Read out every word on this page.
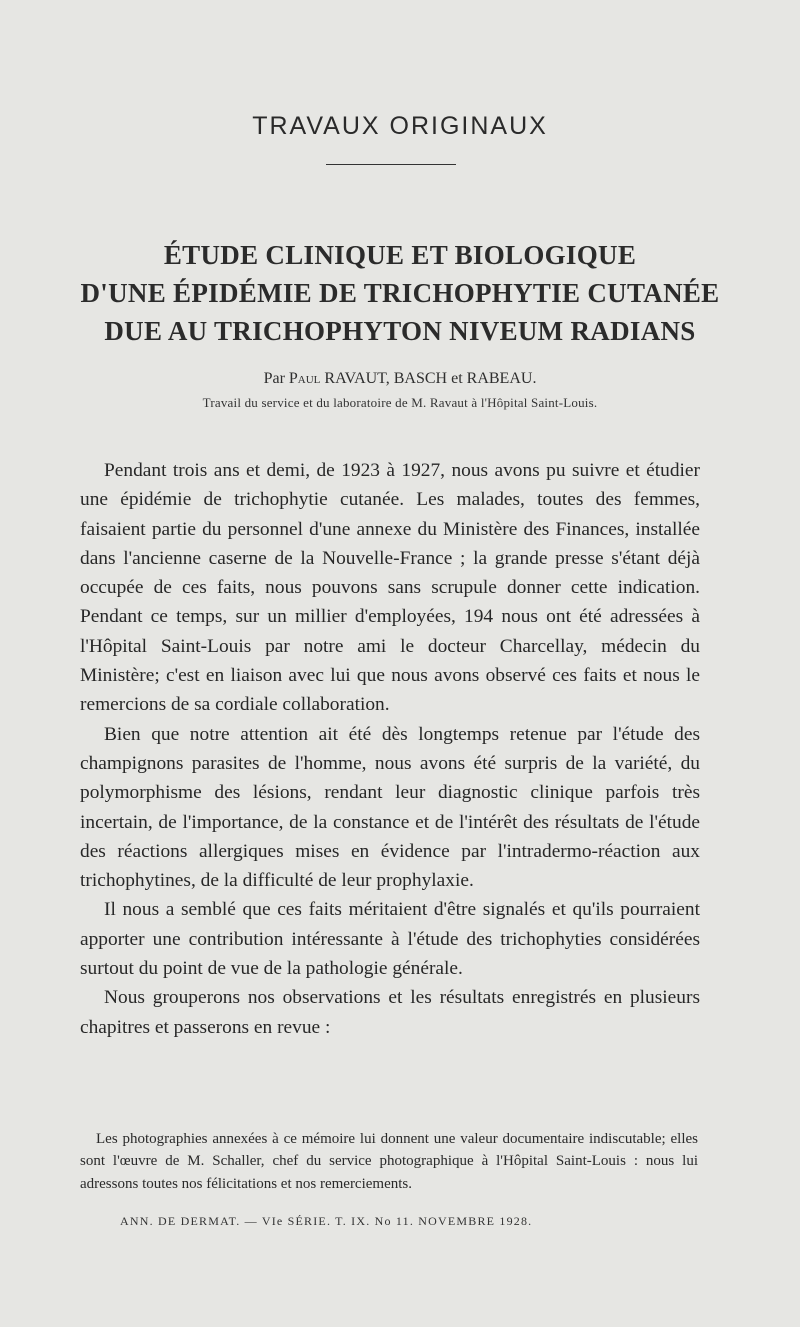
TRAVAUX ORIGINAUX
ÉTUDE CLINIQUE ET BIOLOGIQUE
D'UNE ÉPIDÉMIE DE TRICHOPHYTIE CUTANÉE
DUE AU TRICHOPHYTON NIVEUM RADIANS
Par Paul RAVAUT, BASCH et RABEAU.
Travail du service et du laboratoire de M. Ravaut à l'Hôpital Saint-Louis.

Pendant trois ans et demi, de 1923 à 1927, nous avons pu suivre et étudier une épidémie de trichophytie cutanée. Les malades, toutes des femmes, faisaient partie du personnel d'une annexe du Ministère des Finances, installée dans l'ancienne caserne de la Nouvelle-France ; la grande presse s'étant déjà occupée de ces faits, nous pouvons sans scrupule donner cette indication. Pendant ce temps, sur un millier d'employées, 194 nous ont été adressées à l'Hôpital Saint-Louis par notre ami le docteur Charcellay, médecin du Ministère; c'est en liaison avec lui que nous avons observé ces faits et nous le remercions de sa cordiale collaboration.

Bien que notre attention ait été dès longtemps retenue par l'étude des champignons parasites de l'homme, nous avons été surpris de la variété, du polymorphisme des lésions, rendant leur diagnostic clinique parfois très incertain, de l'importance, de la constance et de l'intérêt des résultats de l'étude des réactions allergiques mises en évidence par l'intradermo-réaction aux trichophytines, de la difficulté de leur prophylaxie.

Il nous a semblé que ces faits méritaient d'être signalés et qu'ils pourraient apporter une contribution intéressante à l'étude des trichophyties considérées surtout du point de vue de la pathologie générale.

Nous grouperons nos observations et les résultats enregistrés en plusieurs chapitres et passerons en revue :

Les photographies annexées à ce mémoire lui donnent une valeur documentaire indiscutable; elles sont l'œuvre de M. Schaller, chef du service photographique à l'Hôpital Saint-Louis : nous lui adressons toutes nos félicitations et nos remerciements.

ANN. DE DERMAT. — VIe SÉRIE. T. IX. No 11. NOVEMBRE 1928.
